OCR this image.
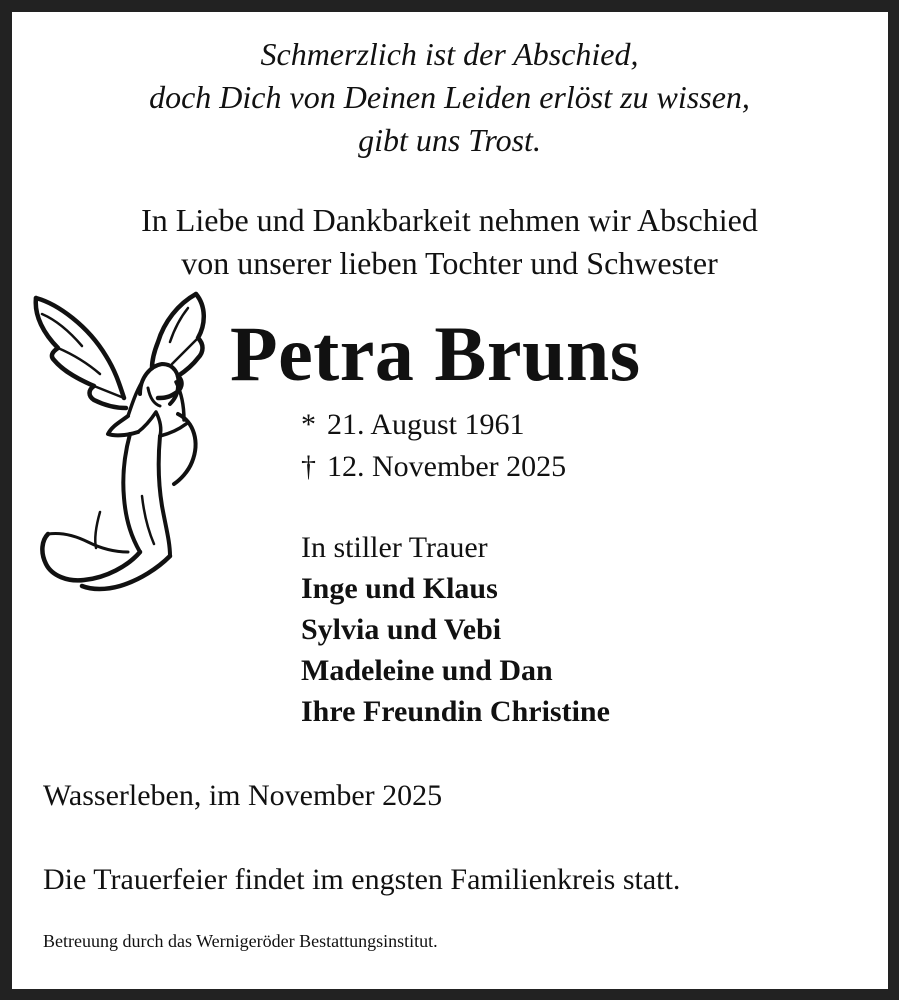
Schmerzlich ist der Abschied,
doch Dich von Deinen Leiden erlöst zu wissen,
gibt uns Trost.
In Liebe und Dankbarkeit nehmen wir Abschied
von unserer lieben Tochter und Schwester
Petra Bruns
* 21. August 1961
† 12. November 2025
In stiller Trauer
Inge und Klaus
Sylvia und Vebi
Madeleine und Dan
Ihre Freundin Christine
Wasserleben, im November 2025
Die Trauerfeier findet im engsten Familienkreis statt.
Betreuung durch das Wernigeröder Bestattungsinstitut.
